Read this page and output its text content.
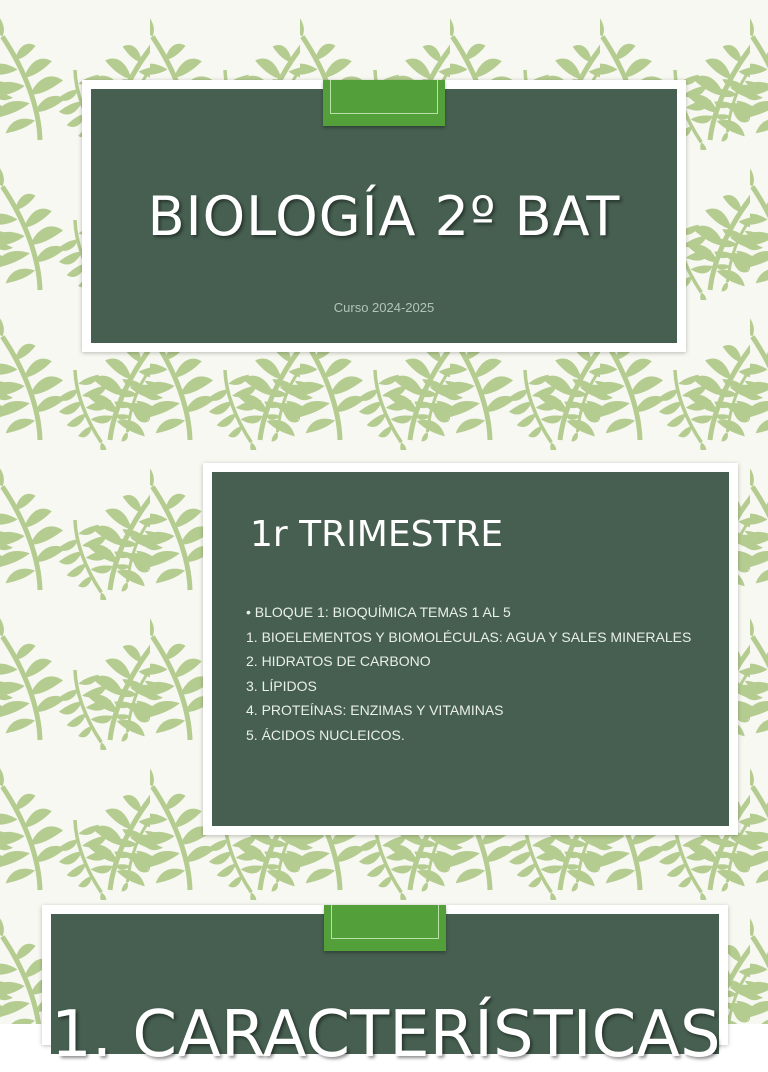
BIOLOGÍA 2º BAT
Curso 2024-2025
1r TRIMESTRE
• BLOQUE 1: BIOQUÍMICA TEMAS 1 AL 5
1. BIOELEMENTOS Y BIOMOLÉCULAS: AGUA Y SALES MINERALES
2. HIDRATOS DE CARBONO
3. LÍPIDOS
4. PROTEÍNAS: ENZIMAS Y VITAMINAS
5. ÁCIDOS NUCLEICOS.
1. CARACTERÍSTICAS
